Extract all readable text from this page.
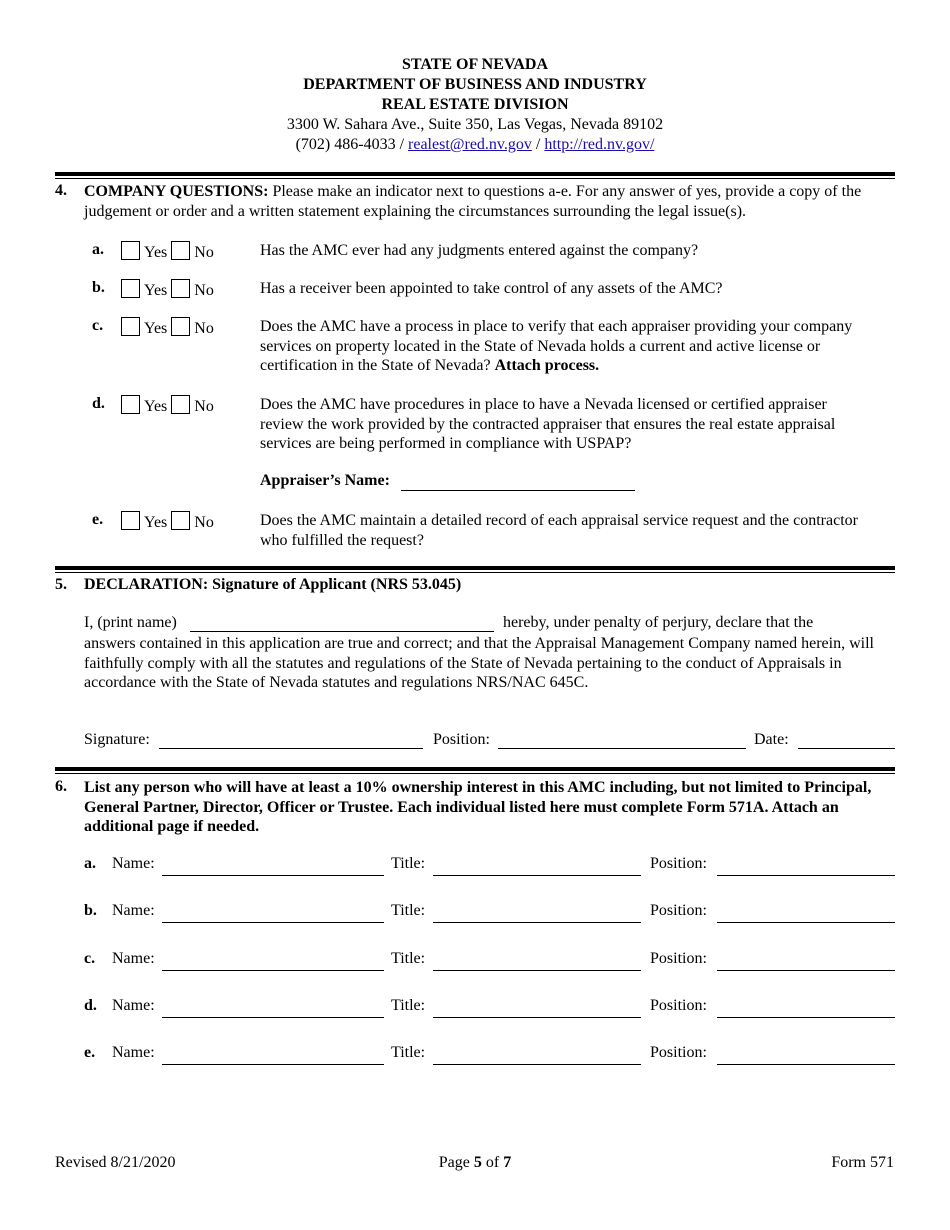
STATE OF NEVADA
DEPARTMENT OF BUSINESS AND INDUSTRY
REAL ESTATE DIVISION
3300 W. Sahara Ave., Suite 350, Las Vegas, Nevada 89102
(702) 486-4033 / realest@red.nv.gov / http://red.nv.gov/
4. COMPANY QUESTIONS: Please make an indicator next to questions a-e. For any answer of yes, provide a copy of the judgement or order and a written statement explaining the circumstances surrounding the legal issue(s).
a.	Yes No	Has the AMC ever had any judgments entered against the company?
b.	Yes No	Has a receiver been appointed to take control of any assets of the AMC?
c.	Yes No	Does the AMC have a process in place to verify that each appraiser providing your company services on property located in the State of Nevada holds a current and active license or certification in the State of Nevada? Attach process.
d.	Yes No	Does the AMC have procedures in place to have a Nevada licensed or certified appraiser review the work provided by the contracted appraiser that ensures the real estate appraisal services are being performed in compliance with USPAP?
e.	Yes No	Does the AMC maintain a detailed record of each appraisal service request and the contractor who fulfilled the request?
Appraiser’s Name:
5. DECLARATION: Signature of Applicant (NRS 53.045)
I, (print name)	hereby, under penalty of perjury, declare that the
answers contained in this application are true and correct; and that the Appraisal Management Company named herein, will faithfully comply with all the statutes and regulations of the State of Nevada pertaining to the conduct of Appraisals in accordance with the State of Nevada statutes and regulations NRS/NAC 645C.
Signature:	Position:	Date:
6. List any person who will have at least a 10% ownership interest in this AMC including, but not limited to Principal, General Partner, Director, Officer or Trustee. Each individual listed here must complete Form 571A. Attach an additional page if needed.
a. Name:	Title:	Position:
b. Name:	Title:	Position:
c. Name:	Title:	Position:
d. Name:	Title:	Position:
e. Name:	Title:	Position:
Revised 8/21/2020	Page 5 of 7	Form 571
